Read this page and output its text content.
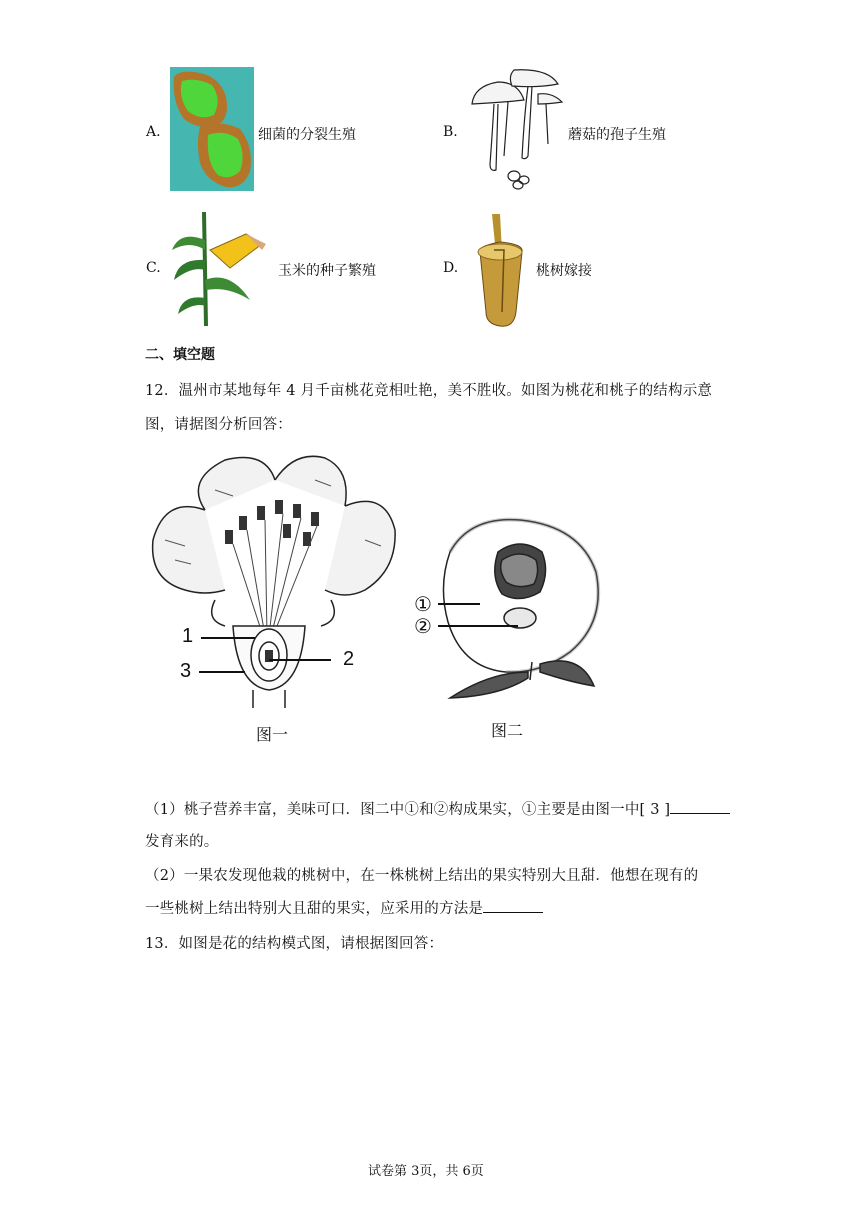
A.	细菌的分裂生殖	B.	蘑菇的孢子生殖
C.	玉米的种子繁殖	D.	桃树嫁接
二、填空题
12．温州市某地每年 4 月千亩桃花竞相吐艳，美不胜收。如图为桃花和桃子的结构示意
图，请据图分析回答：
1
2
3
图一
①
②
图二
（1）桃子营养丰富，美味可口．图二中①和②构成果实，①主要是由图一中[ 3 ]
发育来的。
（2）一果农发现他栽的桃树中，在一株桃树上结出的果实特别大且甜．他想在现有的
一些桃树上结出特别大且甜的果实，应采用的方法是
13．如图是花的结构模式图，请根据图回答：
试卷第 3页，共 6页
